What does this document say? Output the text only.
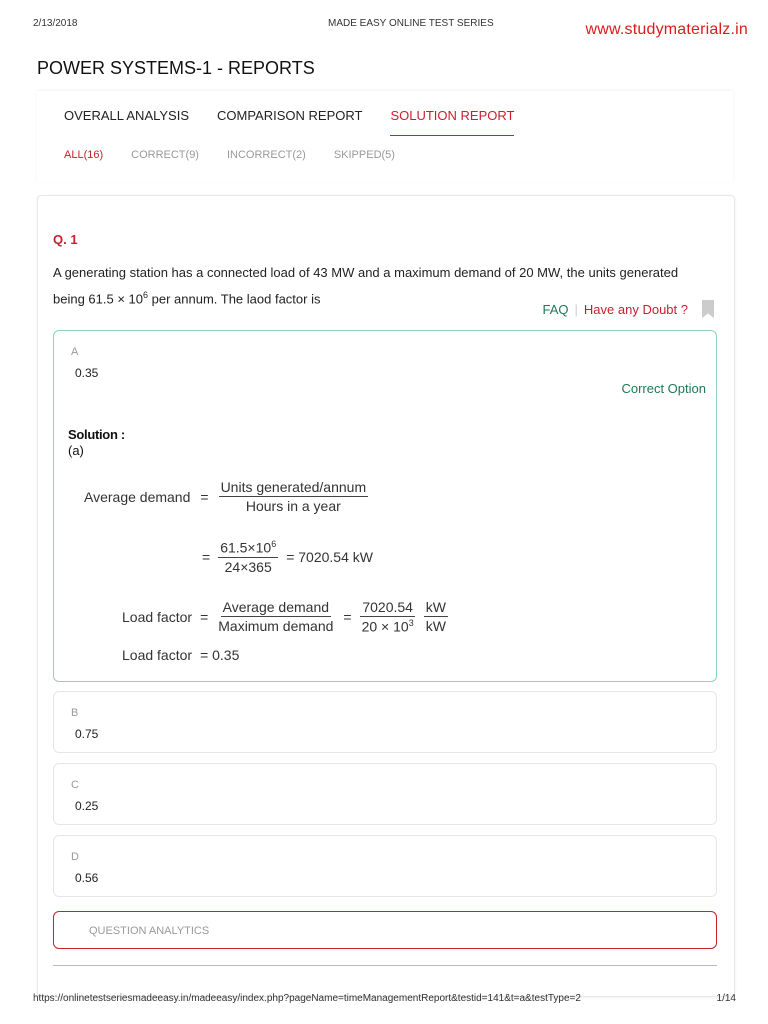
2/13/2018	MADE EASY ONLINE TEST SERIES	www.studymaterialz.in
POWER SYSTEMS-1 - REPORTS
OVERALL ANALYSIS COMPARISON REPORT SOLUTION REPORT
ALL(16)	CORRECT(9)	INCORRECT(2)	SKIPPED(5)
Q. 1
A generating station has a connected load of 43 MW and a maximum demand of 20 MW, the units generated being $61.5 \times 10^6$ per annum. The laod factor is
FAQ | Have any Doubt ?
A
0.35
Correct Option
Solution :
(a)
Average demand = $\frac{\text{Units generated/annum}}{\text{Hours in a year}}$
= $\frac{61.5\times 10^6}{24\times 365} = 7020.54$ kW
Load factor = $\frac{\text{Average demand}}{\text{Maximum demand}} = \frac{7020.54}{20 \times 10^3} \frac{kW}{kW}$
Load factor = 0.35
B
0.75
C
0.25
D
0.56
QUESTION ANALYTICS
https://onlinetestseriesmadeeasy.in/madeeasy/index.php?pageName=timeManagementReport&testid=141&t=a&testType=2	1/14
